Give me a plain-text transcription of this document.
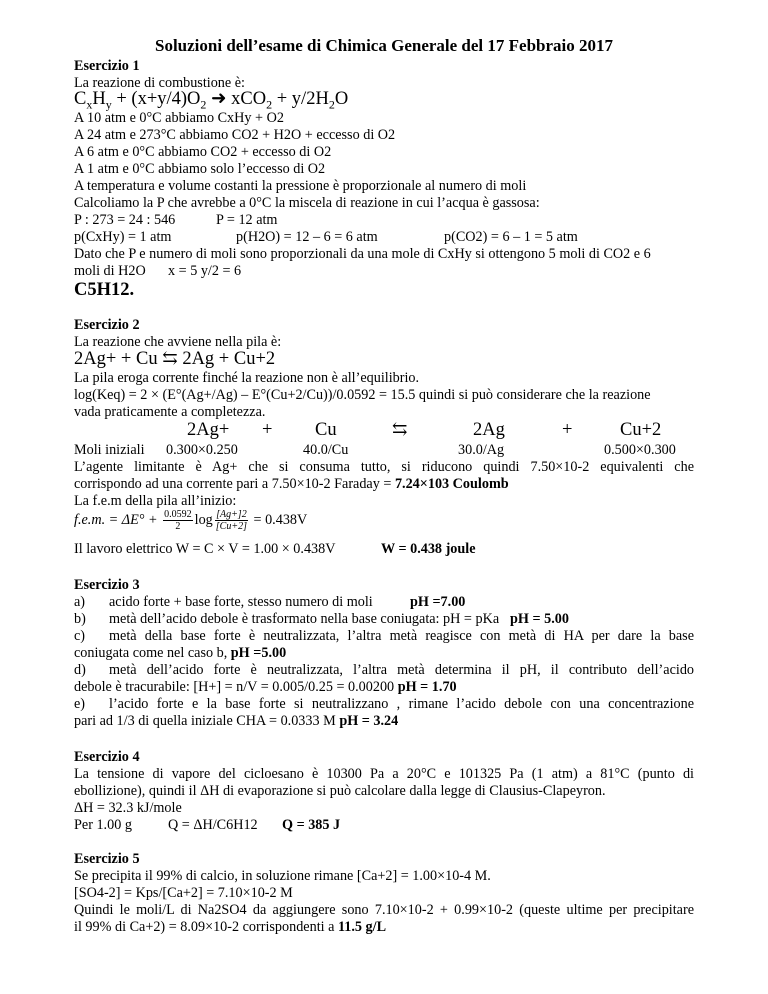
Soluzioni dell’esame di Chimica Generale del 17 Febbraio 2017
Esercizio 1
La reazione di combustione è:
$C_xH_y + (x+y/4)O_2$ ➜ $xCO_2 + y/2H_2O$
A 10 atm e 0°C abbiamo CxHy + O2
A 24 atm e 273°C abbiamo CO2 + H2O + eccesso di O2
A 6 atm e 0°C abbiamo CO2 + eccesso di O2
A 1 atm e 0°C abbiamo solo l’eccesso di O2
A temperatura e volume costanti la pressione è proporzionale al numero di moli
Calcoliamo la P che avrebbe a 0°C la miscela di reazione in cui l’acqua è gassosa:
P : 273 = 24 : 546	P = 12 atm
p(CxHy) = 1 atm	p(H2O) = 12 – 6 = 6 atm	p(CO2) = 6 – 1 = 5 atm
Dato che P e numero di moli sono proporzionali da una mole di CxHy si ottengono 5 moli di CO2 e 6
moli di H2O x = 5 y/2 = 6
C5H12.
Esercizio 2
La reazione che avviene nella pila è:
2Ag+ + Cu ⇆ 2Ag + Cu+2
La pila eroga corrente finché la reazione non è all’equilibrio.
log(Keq) = 2 × (E°(Ag+/Ag) – E°(Cu+2/Cu))/0.0592 = 15.5 quindi si può considerare che la reazione
vada praticamente a completezza.
2Ag+ + Cu	⇆	2Ag	+	Cu+2
Moli iniziali 0.300×0.250	40.0/Cu	30.0/Ag	0.500×0.300
L’agente limitante è Ag+ che si consuma tutto, si riducono quindi 7.50×10-2 equivalenti che
corrispondo ad una corrente pari a 7.50×10-2 Faraday = 7.24×103 Coulomb
La f.e.m della pila all’inizio:
f.e.m. = $\Delta E^\circ + \frac{0.0592}{2}$ $\log \frac{[Ag+]2}{[Cu+2]} = 0.438V$
Il lavoro elettrico W = C × V = 1.00 × 0.438V	W = 0.438 joule
Esercizio 3
a) acido forte + base forte, stesso numero di moli	pH =7.00
b) metà dell’acido debole è trasformato nella base coniugata: pH = pKa pH = 5.00
c) metà della base forte è neutralizzata, l’altra metà reagisce con metà di HA per dare la base
coniugata come nel caso b, pH =5.00
d) metà dell’acido forte è neutralizzata, l’altra metà determina il pH, il contributo dell’acido
debole è tracurabile: [H+] = n/V = 0.005/0.25 = 0.00200 pH = 1.70
e) l’acido forte e la base forte si neutralizzano , rimane l’acido debole con una concentrazione
pari ad 1/3 di quella iniziale CHA = 0.0333 M pH = 3.24
Esercizio 4
La tensione di vapore del cicloesano è 10300 Pa a 20°C e 101325 Pa (1 atm) a 81°C (punto di
ebollizione), quindi il ΔH di evaporazione si può calcolare dalla legge di Clausius-Clapeyron.
ΔH = 32.3 kJ/mole
Per 1.00 g	Q = ΔH/C6H12 Q = 385 J
Esercizio 5
Se precipita il 99% di calcio, in soluzione rimane [Ca+2] = 1.00×10-4 M.
[SO4-2] = Kps/[Ca+2] = 7.10×10-2 M
Quindi le moli/L di Na2SO4 da aggiungere sono 7.10×10-2 + 0.99×10-2 (queste ultime per precipitare
il 99% di Ca+2) = 8.09×10-2 corrispondenti a 11.5 g/L
